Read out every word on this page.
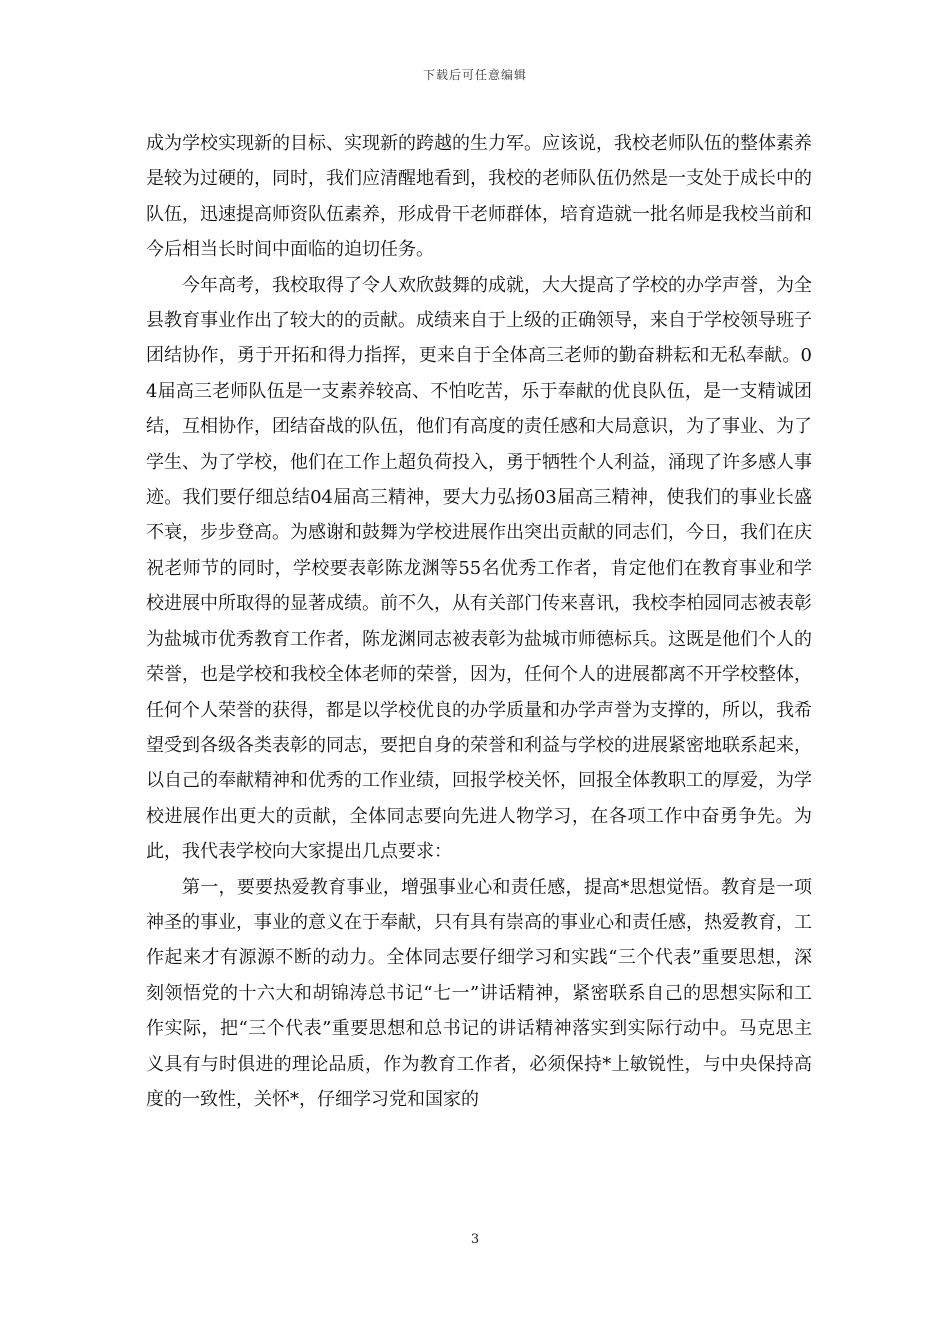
下载后可任意编辑

成为学校实现新的目标、实现新的跨越的生力军。应该说，我校老师队伍的整体素养是较为过硬的，同时，我们应清醒地看到，我校的老师队伍仍然是一支处于成长中的队伍，迅速提高师资队伍素养，形成骨干老师群体，培育造就一批名师是我校当前和今后相当长时间中面临的迫切任务。

今年高考，我校取得了令人欢欣鼓舞的成就，大大提高了学校的办学声誉，为全县教育事业作出了较大的的贡献。成绩来自于上级的正确领导，来自于学校领导班子团结协作，勇于开拓和得力指挥，更来自于全体高三老师的勤奋耕耘和无私奉献。04届高三老师队伍是一支素养较高、不怕吃苦，乐于奉献的优良队伍，是一支精诚团结，互相协作，团结奋战的队伍，他们有高度的责任感和大局意识，为了事业、为了学生、为了学校，他们在工作上超负荷投入，勇于牺牲个人利益，涌现了许多感人事迹。我们要仔细总结04届高三精神，要大力弘扬03届高三精神，使我们的事业长盛不衰，步步登高。为感谢和鼓舞为学校进展作出突出贡献的同志们，今日，我们在庆祝老师节的同时，学校要表彰陈龙渊等55名优秀工作者，肯定他们在教育事业和学校进展中所取得的显著成绩。前不久，从有关部门传来喜讯，我校李柏园同志被表彰为盐城市优秀教育工作者，陈龙渊同志被表彰为盐城市师德标兵。这既是他们个人的荣誉，也是学校和我校全体老师的荣誉，因为，任何个人的进展都离不开学校整体，任何个人荣誉的获得，都是以学校优良的办学质量和办学声誉为支撑的，所以，我希望受到各级各类表彰的同志，要把自身的荣誉和利益与学校的进展紧密地联系起来，以自己的奉献精神和优秀的工作业绩，回报学校关怀，回报全体教职工的厚爱，为学校进展作出更大的贡献，全体同志要向先进人物学习，在各项工作中奋勇争先。为此，我代表学校向大家提出几点要求：

第一，要要热爱教育事业，增强事业心和责任感，提高*思想觉悟。教育是一项神圣的事业，事业的意义在于奉献，只有具有崇高的事业心和责任感，热爱教育，工作起来才有源源不断的动力。全体同志要仔细学习和实践“三个代表”重要思想，深刻领悟党的十六大和胡锦涛总书记“七一”讲话精神，紧密联系自己的思想实际和工作实际，把“三个代表”重要思想和总书记的讲话精神落实到实际行动中。马克思主义具有与时俱进的理论品质，作为教育工作者，必须保持*上敏锐性，与中央保持高度的一致性，关怀*，仔细学习党和国家的

3
